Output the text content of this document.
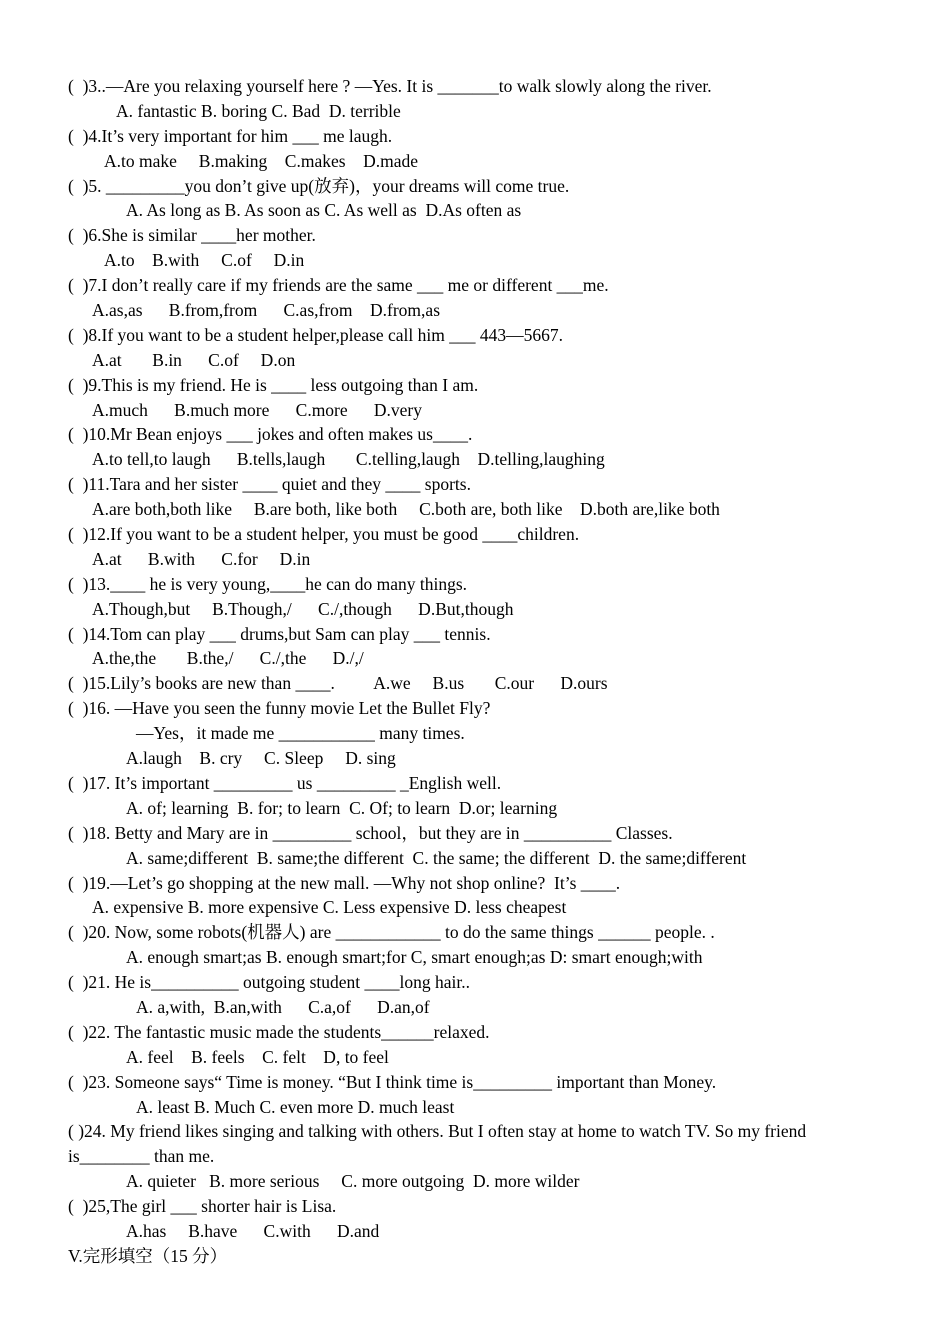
(  )3..—Are you relaxing yourself here ? —Yes. It is _______to walk slowly along the river.
A. fantastic B. boring C. Bad  D. terrible
(  )4.It’s very important for him ___ me laugh.
A.to make     B.making    C.makes    D.made
(  )5. _________you don’t give up(放弃)，your dreams will come true.
A. As long as B. As soon as C. As well as  D.As often as
(  )6.She is similar ____her mother.
A.to    B.with     C.of     D.in
(  )7.I don’t really care if my friends are the same ___ me or different ___me.
A.as,as      B.from,from      C.as,from    D.from,as
(  )8.If you want to be a student helper,please call him ___ 443—5667.
A.at       B.in      C.of     D.on
(  )9.This is my friend. He is ____ less outgoing than I am.
A.much      B.much more      C.more      D.very
(  )10.Mr Bean enjoys ___ jokes and often makes us____.
A.to tell,to laugh      B.tells,laugh       C.telling,laugh    D.telling,laughing
(  )11.Tara and her sister ____ quiet and they ____ sports.
A.are both,both like     B.are both, like both     C.both are, both like    D.both are,like both
(  )12.If you want to be a student helper, you must be good ____children.
A.at      B.with      C.for     D.in
(  )13.____ he is very young,____he can do many things.
A.Though,but     B.Though,/      C./,though      D.But,though
(  )14.Tom can play ___ drums,but Sam can play ___ tennis.
A.the,the       B.the,/      C./,the      D./,/
(  )15.Lily’s books are new than ____.         A.we     B.us       C.our      D.ours
(  )16. —Have you seen the funny movie Let the Bullet Fly?
—Yes，it made me ___________ many times.
A.laugh    B. cry     C. Sleep     D. sing
(  )17. It’s important _________ us _________ _English well.
A. of; learning  B. for; to learn  C. Of; to learn  D.or; learning
(  )18. Betty and Mary are in _________ school，but they are in __________ Classes.
A. same;different  B. same;the different  C. the same; the different  D. the same;different
(  )19.—Let’s go shopping at the new mall. —Why not shop online?  It’s ____.
A. expensive B. more expensive C. Less expensive D. less cheapest
(  )20. Now, some robots(机器人) are ____________ to do the same things ______ people. .
A. enough smart;as B. enough smart;for C, smart enough;as D: smart enough;with
(  )21. He is__________ outgoing student ____long hair..
A. a,with,  B.an,with      C.a,of      D.an,of
(  )22. The fantastic music made the students______relaxed.
A. feel    B. feels    C. felt    D, to feel
(  )23. Someone says“ Time is money. “But I think time is_________ important than Money.
A. least B. Much C. even more D. much least
( )24. My friend likes singing and talking with others. But I often stay at home to watch TV. So my friend is________ than me.
A. quieter   B. more serious     C. more outgoing  D. more wilder
(  )25,The girl ___ shorter hair is Lisa.
A.has     B.have      C.with      D.and
V.完形填空（15 分）
